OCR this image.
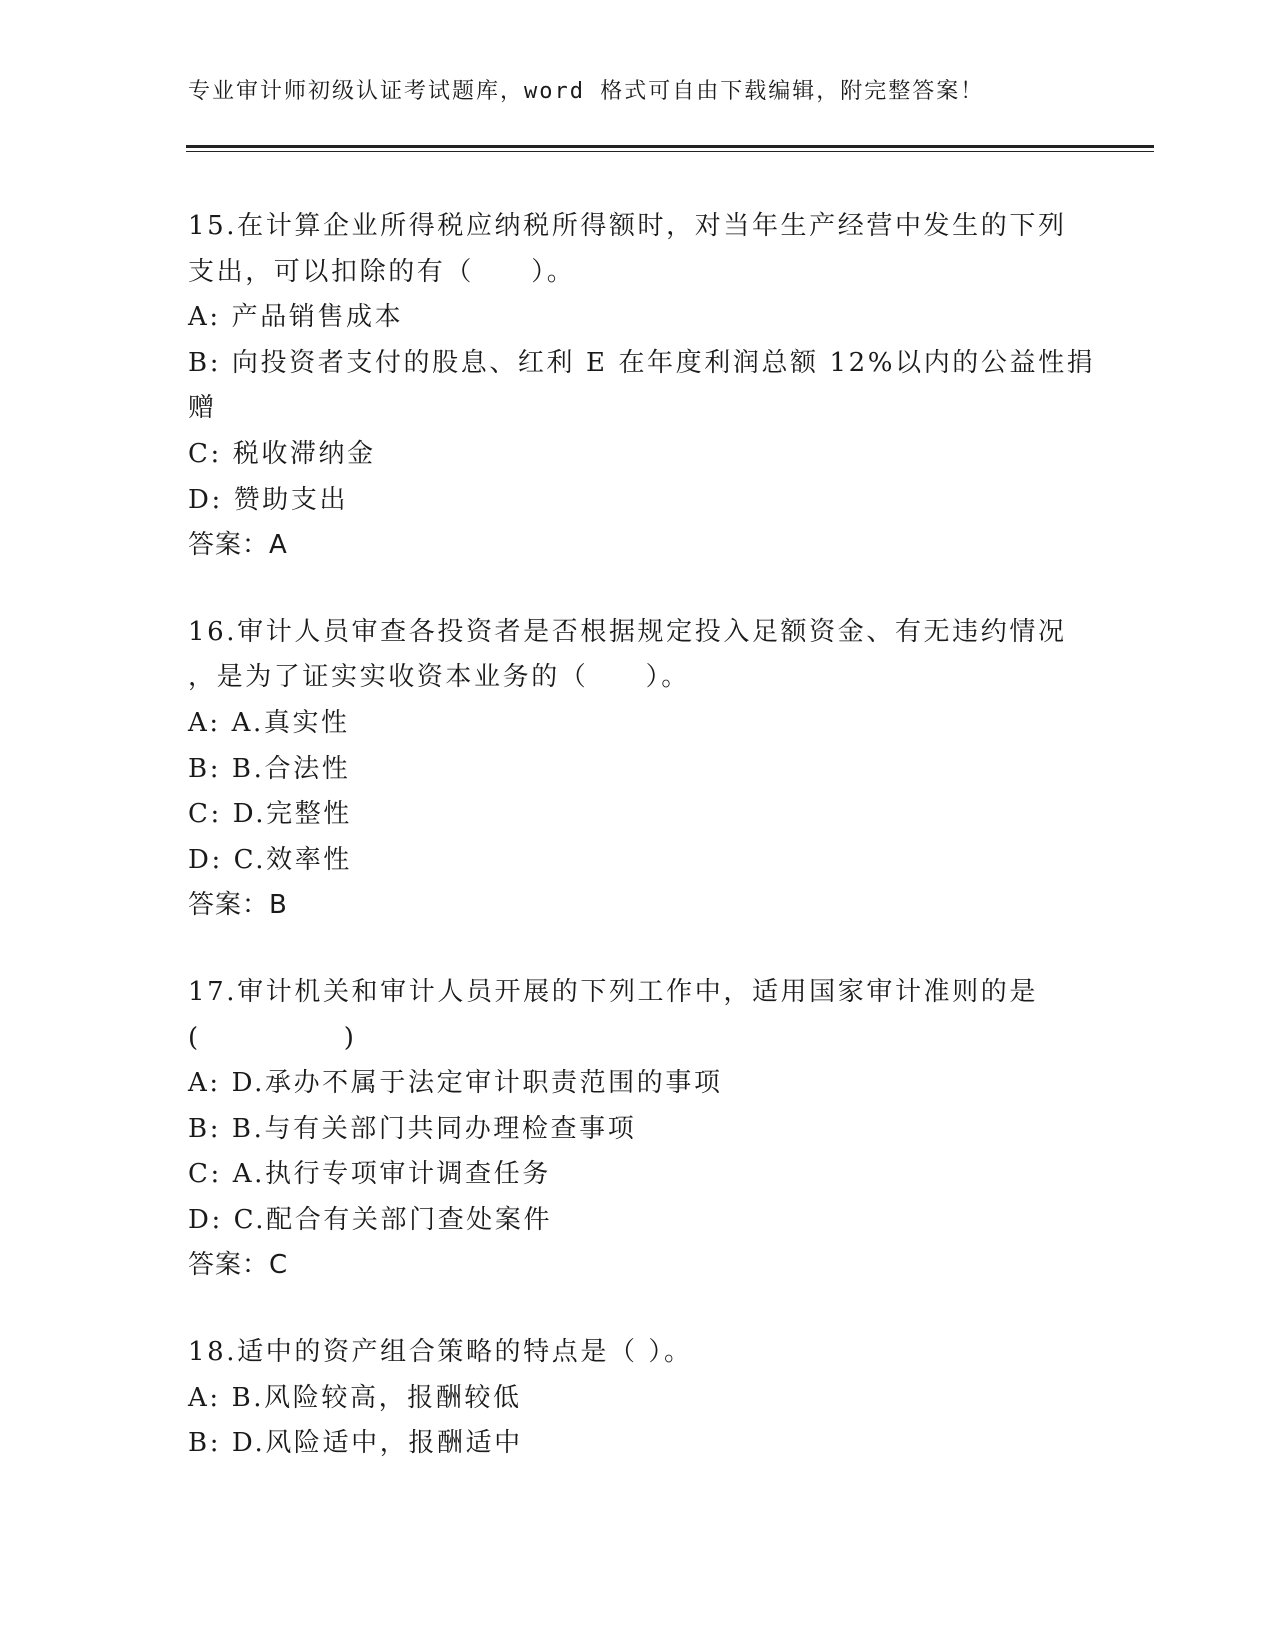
专业审计师初级认证考试题库，word 格式可自由下载编辑，附完整答案！
15.在计算企业所得税应纳税所得额时，对当年生产经营中发生的下列
支出，可以扣除的有（　　）。
A: 产品销售成本
B: 向投资者支付的股息、红利 E 在年度利润总额 12%以内的公益性捐
赠
C: 税收滞纳金
D: 赞助支出
答案：A
16.审计人员审查各投资者是否根据规定投入足额资金、有无违约情况
，是为了证实实收资本业务的（　　）。
A: A.真实性
B: B.合法性
C: D.完整性
D: C.效率性
答案：B
17.审计机关和审计人员开展的下列工作中，适用国家审计准则的是
(　　　　　)
A: D.承办不属于法定审计职责范围的事项
B: B.与有关部门共同办理检查事项
C: A.执行专项审计调查任务
D: C.配合有关部门查处案件
答案：C
18.适中的资产组合策略的特点是（ ）。
A: B.风险较高，报酬较低
B: D.风险适中，报酬适中
